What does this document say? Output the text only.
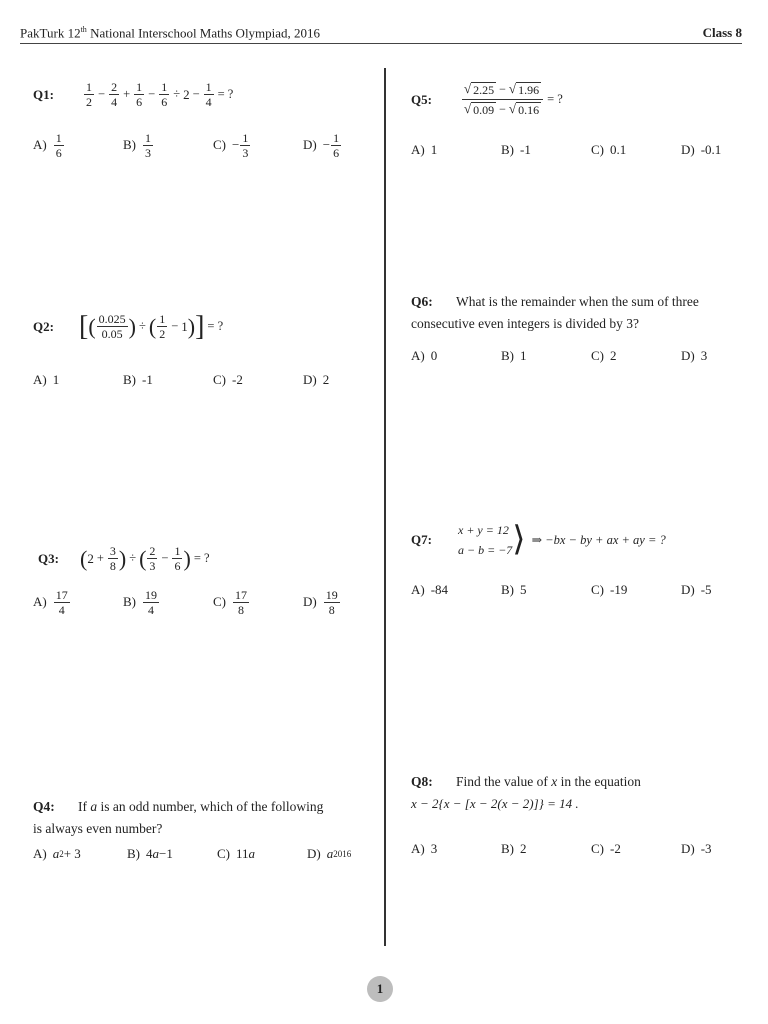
PakTurk 12th National Interschool Maths Olympiad, 2016	Class 8
Q1:	$\frac{1}{2} - \frac{2}{4} + \frac{1}{6} - \frac{1}{6} \div 2 - \frac{1}{4}$ = ?
$A) \frac{1}{6}$	$B) \frac{1}{3}$	$C) - \frac{1}{3}$	$D) - \frac{1}{6}$
Q2: [ ( $\frac{0.025}{0.05}$ ) ÷ ( $\frac{1}{2} - 1$ ) ] = ?
A) 1	B) -1	C) -2	D) 2
Q3: ( $2 + \frac{3}{8}$ ) ÷ ( $\frac{2}{3} - \frac{1}{6}$ ) = ?
$A) \frac{17}{4}$	$B) \frac{19}{4}$	$C) \frac{17}{8}$	$D) \frac{19}{8}$
Q4: If a is an odd number, which of the following
is always even number?
A) a 2 + 3	B) 4 a −1	C) 11 a	D) a 2016
Q5:	$\frac{√ 2.25 - √ 1.96}{√ 0.09 - √ 0.16}$ = ?
A) 1	B) -1	C) 0.1	D) -0.1
Q6: What is the remainder when the sum of three
consecutive even integers is divided by 3?
A) 0	B) 1	C) 2	D) 3
Q7:
x + y = 12
a − b = −7 ⟩ ⇒ −bx − by + ax + ay = ?
A) -84	B) 5	C) -19	D) -5
Q8: Find the value of x in the equation
x − 2{x − [x − 2(x − 2)]} = 14 .
A) 3	B) 2	C) -2	D) -3
1
